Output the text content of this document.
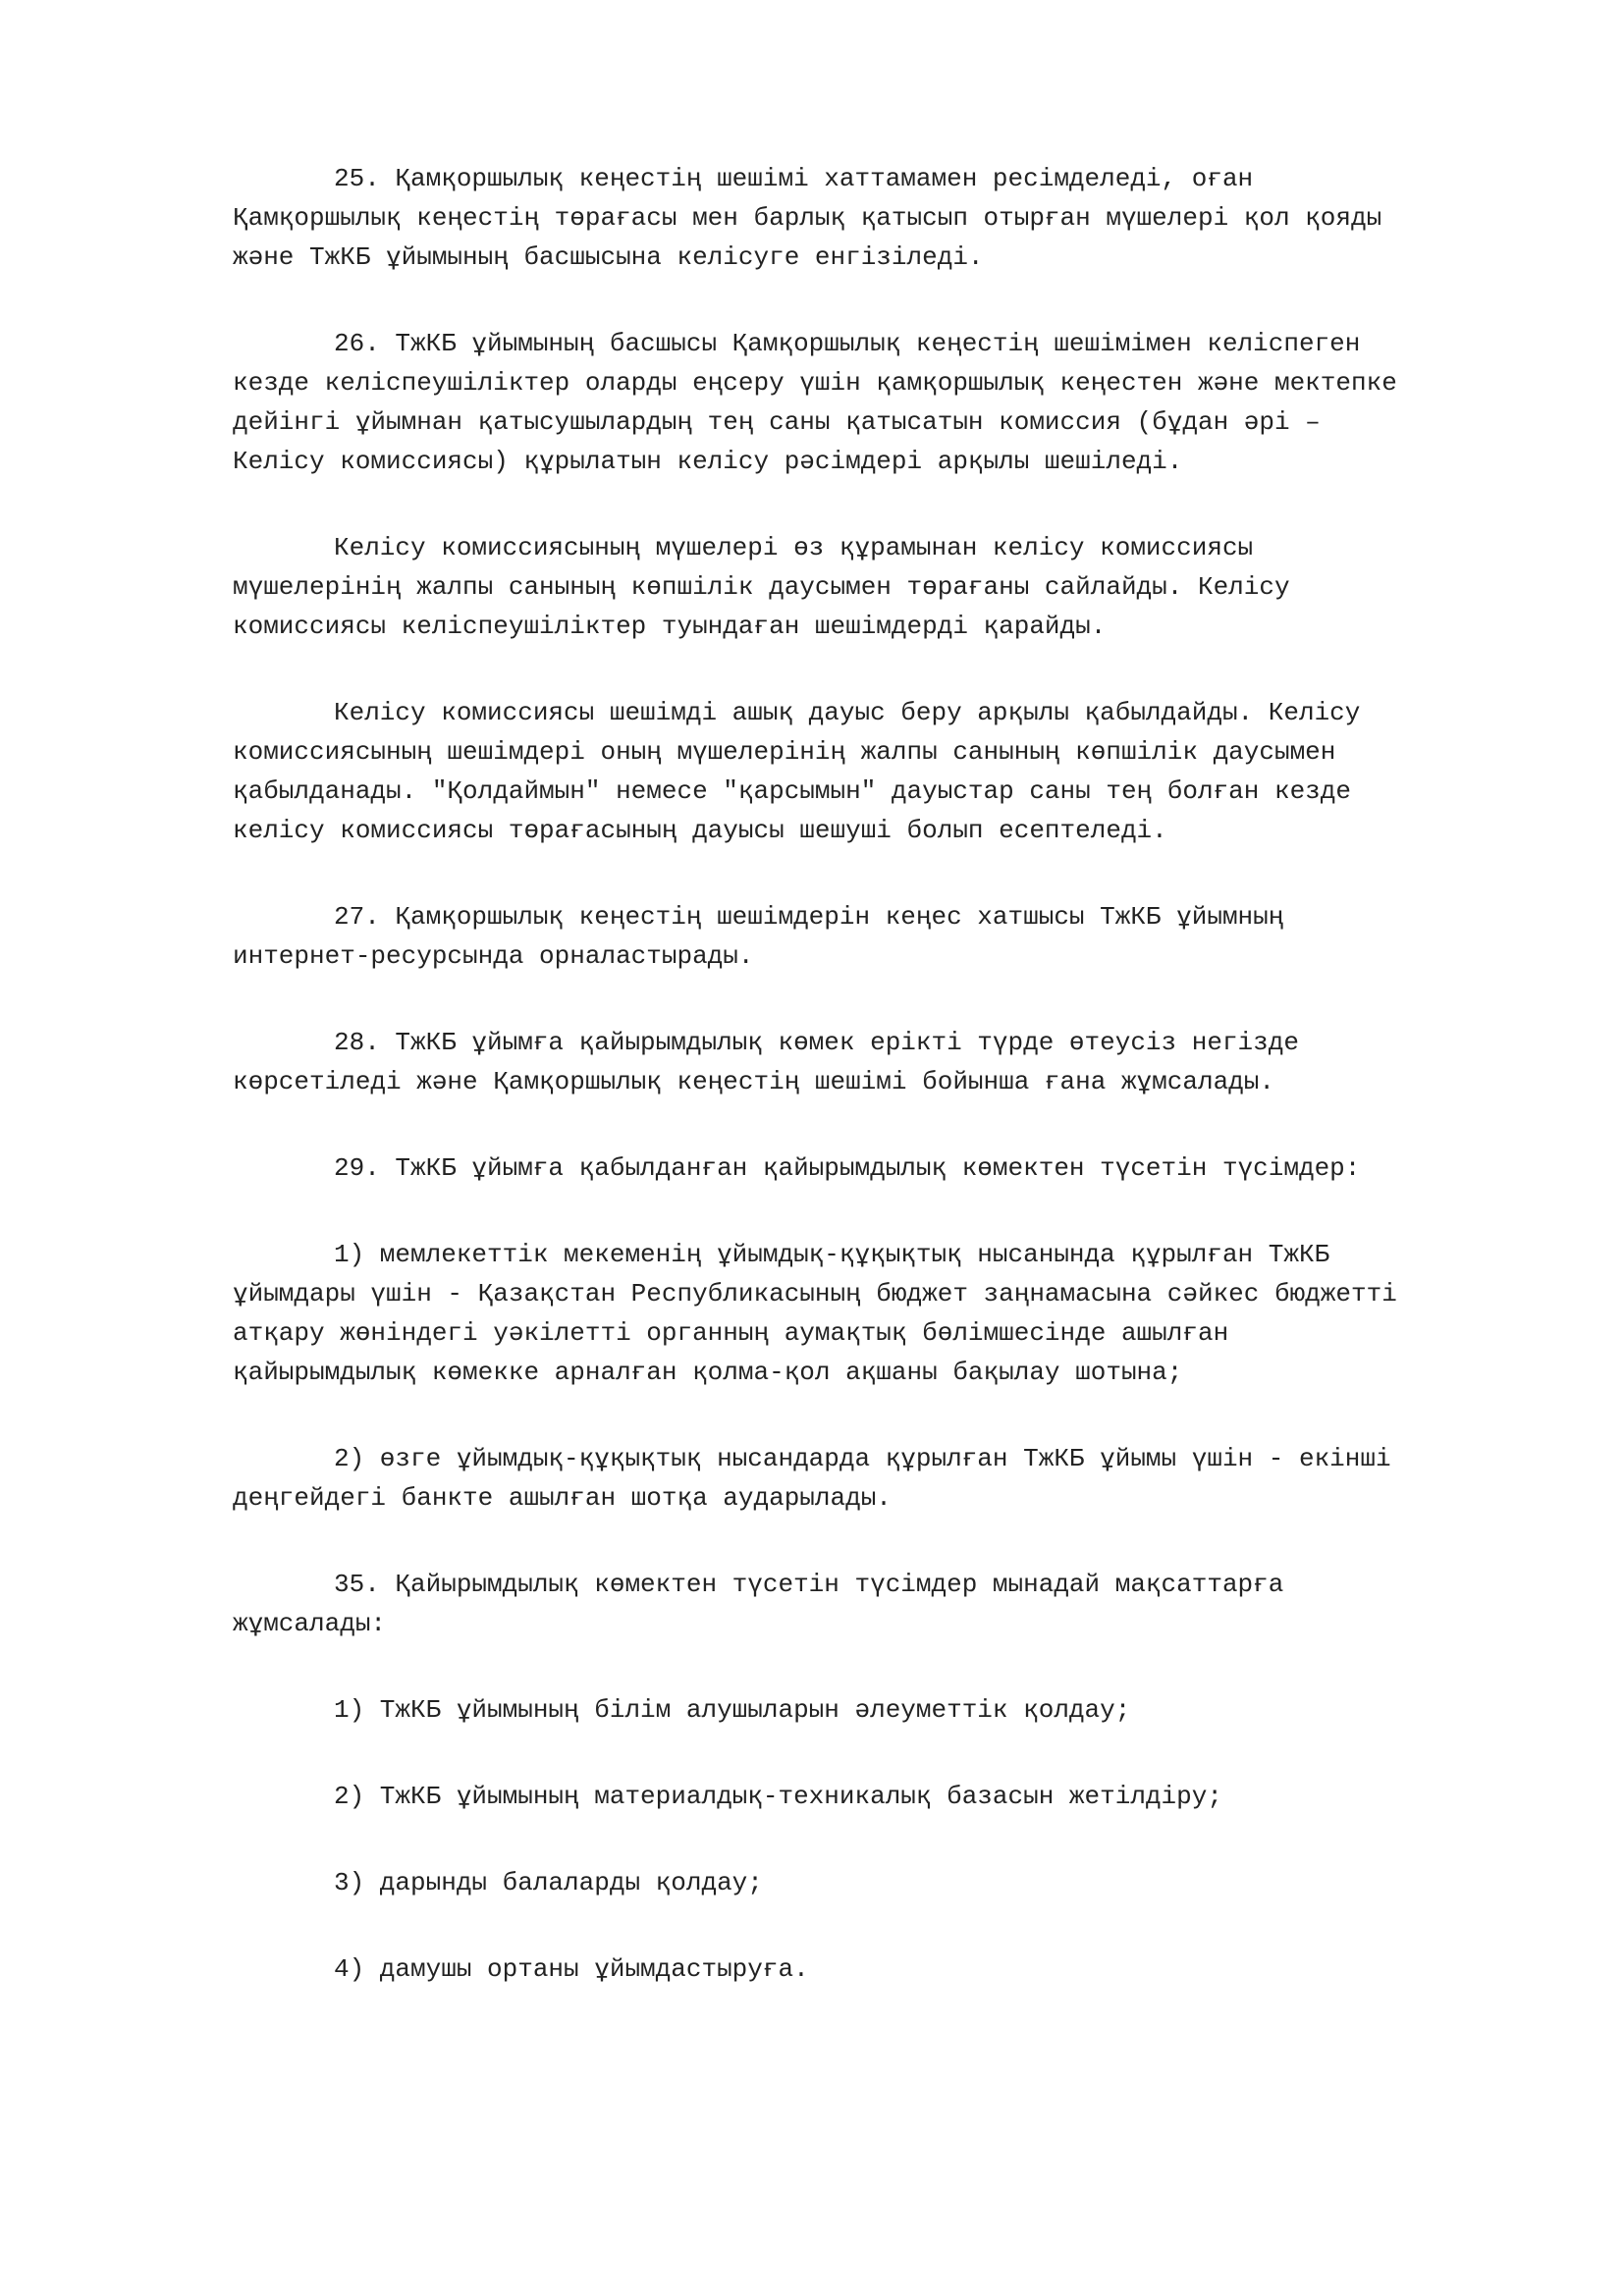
25. Қамқоршылық кеңестің шешімі хаттамамен ресімделеді, оған
Қамқоршылық кеңестің төрағасы мен барлық қатысып отырған мүшелері қол қояды
және ТжКБ ұйымының басшысына келісуге енгізіледі.
26. ТжКБ ұйымының басшысы Қамқоршылық кеңестің шешімімен келіспеген
кезде келіспеушіліктер оларды еңсеру үшін қамқоршылық кеңестен және мектепке
дейінгі ұйымнан қатысушылардың тең саны қатысатын комиссия (бұдан әрі –
Келісу комиссиясы) құрылатын келісу рәсімдері арқылы шешіледі.
Келісу комиссиясының мүшелері өз құрамынан келісу комиссиясы
мүшелерінің жалпы санының көпшілік даусымен төрағаны сайлайды. Келісу
комиссиясы келіспеушіліктер туындаған шешімдерді қарайды.
Келісу комиссиясы шешімді ашық дауыс беру арқылы қабылдайды. Келісу
комиссиясының шешімдері оның мүшелерінің жалпы санының көпшілік даусымен
қабылданады. "Қолдаймын" немесе "қарсымын" дауыстар саны тең болған кезде
келісу комиссиясы төрағасының дауысы шешуші болып есептеледі.
27. Қамқоршылық кеңестің шешімдерін кеңес хатшысы ТжКБ ұйымның
интернет-ресурсында орналастырады.
28. ТжКБ ұйымға қайырымдылық көмек ерікті түрде өтеусіз негізде
көрсетіледі және Қамқоршылық кеңестің шешімі бойынша ғана жұмсалады.
29. ТжКБ ұйымға қабылданған қайырымдылық көмектен түсетін түсімдер:
1) мемлекеттік мекеменің ұйымдық-құқықтық нысанында құрылған ТжКБ
ұйымдары үшін - Қазақстан Республикасының бюджет заңнамасына сәйкес бюджетті
атқару жөніндегі уәкілетті органның аумақтық бөлімшесінде ашылған
қайырымдылық көмекке арналған қолма-қол ақшаны бақылау шотына;
2) өзге ұйымдық-құқықтық нысандарда құрылған ТжКБ ұйымы үшін - екінші
деңгейдегі банкте ашылған шотқа аударылады.
35. Қайырымдылық көмектен түсетін түсімдер мынадай мақсаттарға
жұмсалады:
1) ТжКБ ұйымының білім алушыларын әлеуметтік қолдау;
2) ТжКБ ұйымының материалдық-техникалық базасын жетілдіру;
3) дарынды балаларды қолдау;
4) дамушы ортаны ұйымдастыруға.
